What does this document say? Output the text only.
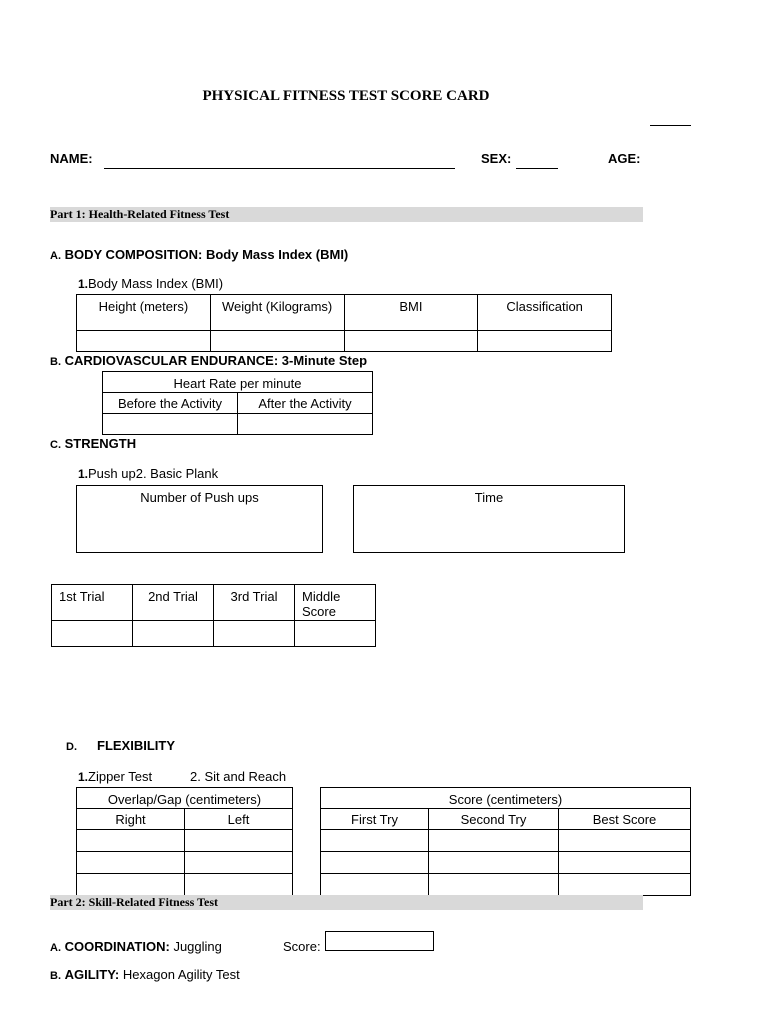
PHYSICAL FITNESS TEST SCORE CARD
NAME:	SEX:	AGE:
Part 1: Health-Related Fitness Test
A. BODY COMPOSITION: Body Mass Index (BMI)
1.Body Mass Index (BMI)
Height (meters)	Weight (Kilograms)	BMI	Classification

B. CARDIOVASCULAR ENDURANCE: 3-Minute Step
Heart Rate per minute	
Before the Activity	After the Activity

C. STRENGTH
1.Push up2. Basic Plank
Number of Push ups	Time
1st Trial	2nd Trial	3rd Trial	Middle Score

D. FLEXIBILITY
1.Zipper Test	2. Sit and Reach
Overlap/Gap (centimeters)	
Right	Left

Score (centimeters)		
First Try	Second Try	Best Score

Part 2: Skill-Related Fitness Test
A. COORDINATION: Juggling	Score:
B. AGILITY: Hexagon Agility Test
